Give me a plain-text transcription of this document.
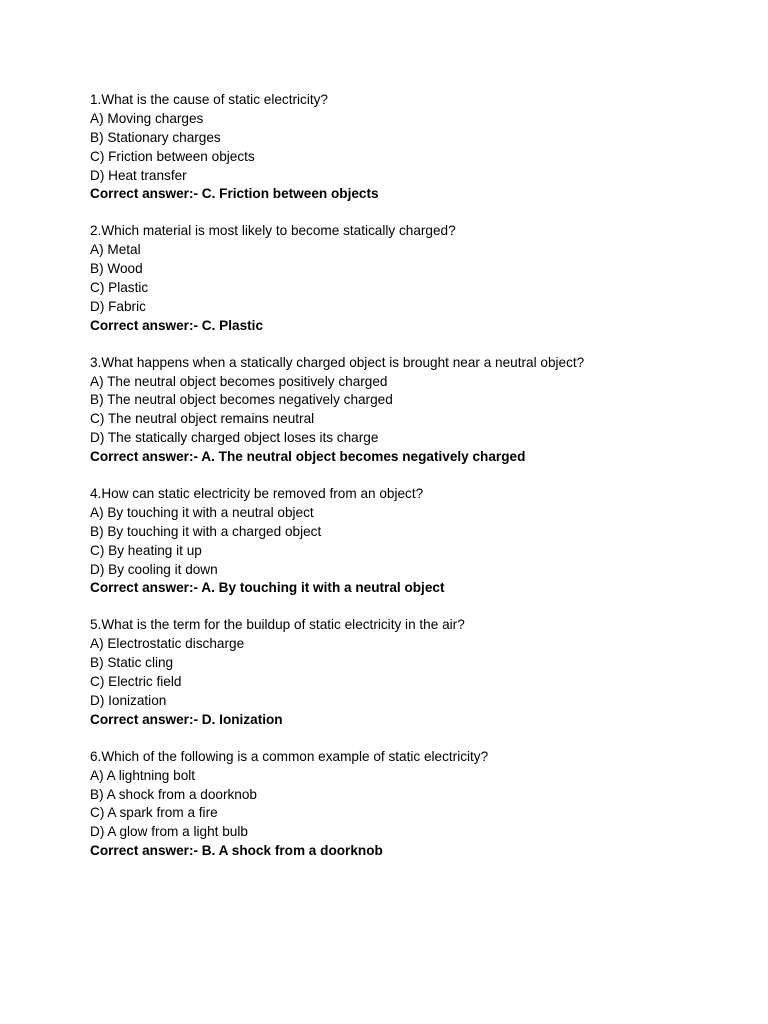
1.What is the cause of static electricity?
A) Moving charges
B) Stationary charges
C) Friction between objects
D) Heat transfer
Correct answer:- C. Friction between objects
2.Which material is most likely to become statically charged?
A) Metal
B) Wood
C) Plastic
D) Fabric
Correct answer:- C. Plastic
3.What happens when a statically charged object is brought near a neutral object?
A) The neutral object becomes positively charged
B) The neutral object becomes negatively charged
C) The neutral object remains neutral
D) The statically charged object loses its charge
Correct answer:- A. The neutral object becomes negatively charged
4.How can static electricity be removed from an object?
A) By touching it with a neutral object
B) By touching it with a charged object
C) By heating it up
D) By cooling it down
Correct answer:- A. By touching it with a neutral object
5.What is the term for the buildup of static electricity in the air?
A) Electrostatic discharge
B) Static cling
C) Electric field
D) Ionization
Correct answer:- D. Ionization
6.Which of the following is a common example of static electricity?
A) A lightning bolt
B) A shock from a doorknob
C) A spark from a fire
D) A glow from a light bulb
Correct answer:- B. A shock from a doorknob
